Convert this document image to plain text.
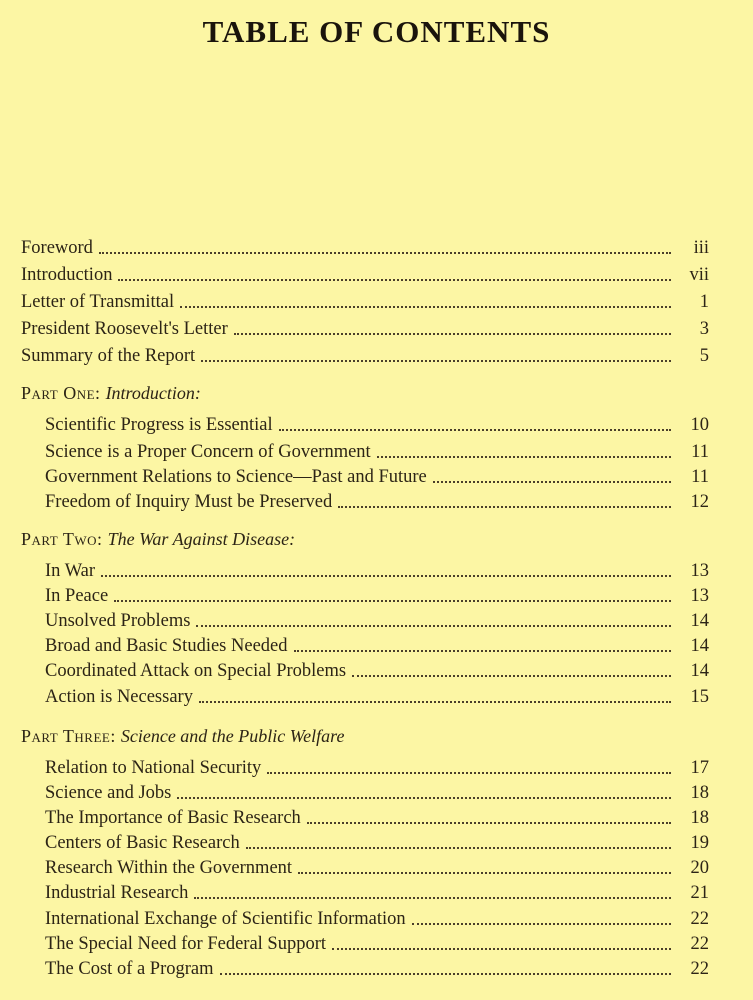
TABLE OF CONTENTS
Foreword	iii
Introduction	vii
Letter of Transmittal	1
President Roosevelt's Letter	3
Summary of the Report	5
Part One: Introduction:
Scientific Progress is Essential	10
Science is a Proper Concern of Government	11
Government Relations to Science—Past and Future	11
Freedom of Inquiry Must be Preserved	12
Part Two: The War Against Disease:
In War	13
In Peace	13
Unsolved Problems	14
Broad and Basic Studies Needed	14
Coordinated Attack on Special Problems	14
Action is Necessary	15
Part Three: Science and the Public Welfare
Relation to National Security	17
Science and Jobs	18
The Importance of Basic Research	18
Centers of Basic Research	19
Research Within the Government	20
Industrial Research	21
International Exchange of Scientific Information	22
The Special Need for Federal Support	22
The Cost of a Program	22
